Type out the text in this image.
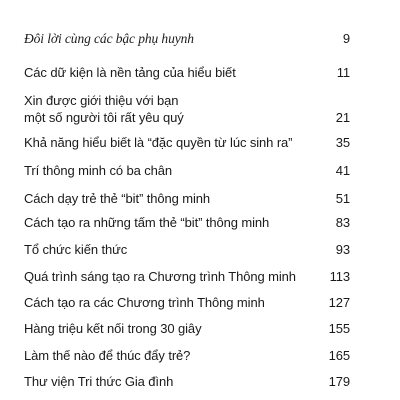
Đôi lời cùng các bậc phụ huynh	9
Các dữ kiện là nền tảng của hiểu biết	11
Xin được giới thiệu với bạn
một số người tôi rất yêu quý	21
Khả năng hiểu biết là “đặc quyền từ lúc sinh ra”	35
Trí thông minh có ba chân	41
Cách dạy trẻ thẻ “bit” thông minh	51
Cách tạo ra những tấm thẻ “bit” thông minh	83
Tổ chức kiến thức	93
Quá trình sáng tạo ra Chương trình Thông minh	113
Cách tạo ra các Chương trình Thông minh	127
Hàng triệu kết nối trong 30 giây	155
Làm thế nào để thúc đẩy trẻ?	165
Thư viện Tri thức Gia đình	179
